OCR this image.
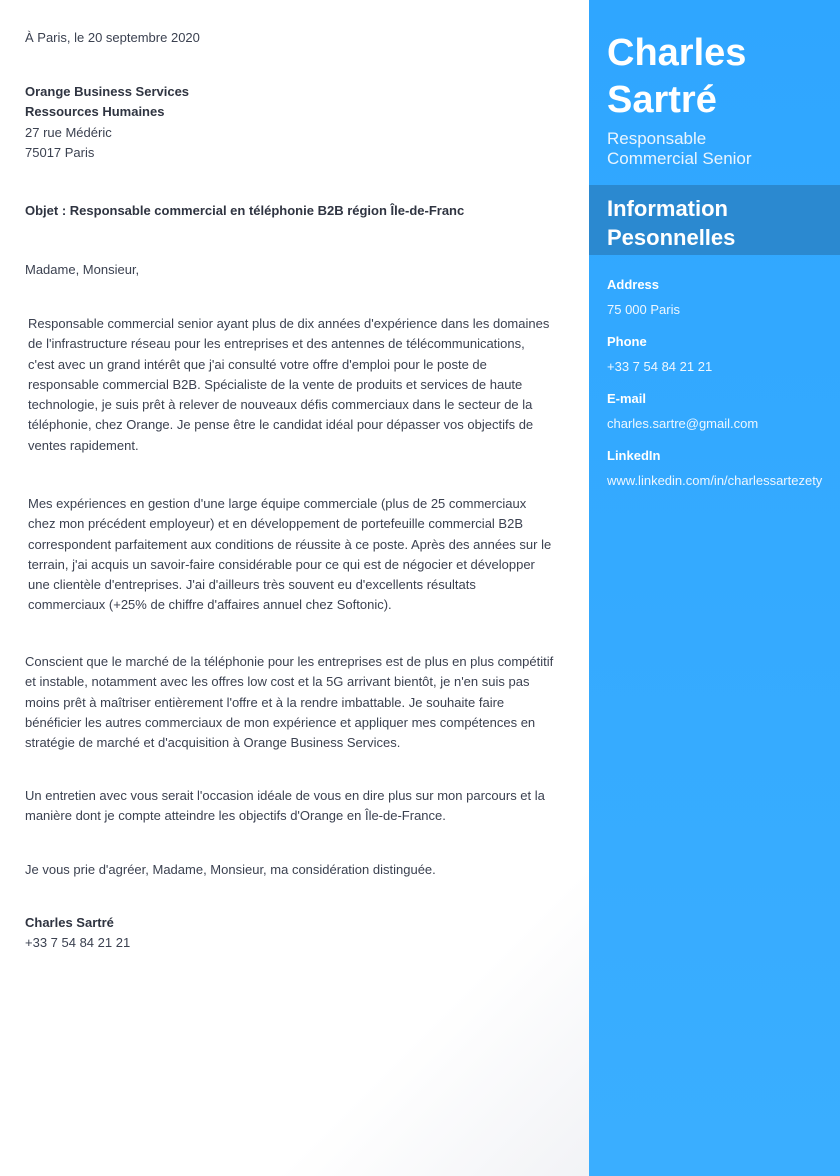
À Paris, le 20 septembre 2020
Orange Business Services
Ressources Humaines
27 rue Médéric
75017 Paris
Objet : Responsable commercial en téléphonie B2B région Île-de-Franc
Madame, Monsieur,
Responsable commercial senior ayant plus de dix années d'expérience dans les domaines
de l'infrastructure réseau pour les entreprises et des antennes de télécommunications,
c'est avec un grand intérêt que j'ai consulté votre offre d'emploi pour le poste de
responsable commercial B2B. Spécialiste de la vente de produits et services de haute
technologie, je suis prêt à relever de nouveaux défis commerciaux dans le secteur de la
téléphonie, chez Orange. Je pense être le candidat idéal pour dépasser vos objectifs de
ventes rapidement.
Mes expériences en gestion d'une large équipe commerciale (plus de 25 commerciaux
chez mon précédent employeur) et en développement de portefeuille commercial B2B
correspondent parfaitement aux conditions de réussite à ce poste. Après des années sur le
terrain, j'ai acquis un savoir-faire considérable pour ce qui est de négocier et développer
une clientèle d'entreprises. J'ai d'ailleurs très souvent eu d'excellents résultats
commerciaux (+25% de chiffre d'affaires annuel chez Softonic).
Conscient que le marché de la téléphonie pour les entreprises est de plus en plus compétitif
et instable, notamment avec les offres low cost et la 5G arrivant bientôt, je n'en suis pas
moins prêt à maîtriser entièrement l'offre et à la rendre imbattable. Je souhaite faire
bénéficier les autres commerciaux de mon expérience et appliquer mes compétences en
stratégie de marché et d'acquisition à Orange Business Services.
Un entretien avec vous serait l'occasion idéale de vous en dire plus sur mon parcours et la
manière dont je compte atteindre les objectifs d'Orange en Île-de-France.
Je vous prie d'agréer, Madame, Monsieur, ma considération distinguée.
Charles Sartré
+33 7 54 84 21 21
Charles
Sartré
Responsable
Commercial Senior
Information
Pesonnelles
Address
75 000 Paris
Phone
+33 7 54 84 21 21
E-mail
charles.sartre@gmail.com
LinkedIn
www.linkedin.com/in/charlessartezety
